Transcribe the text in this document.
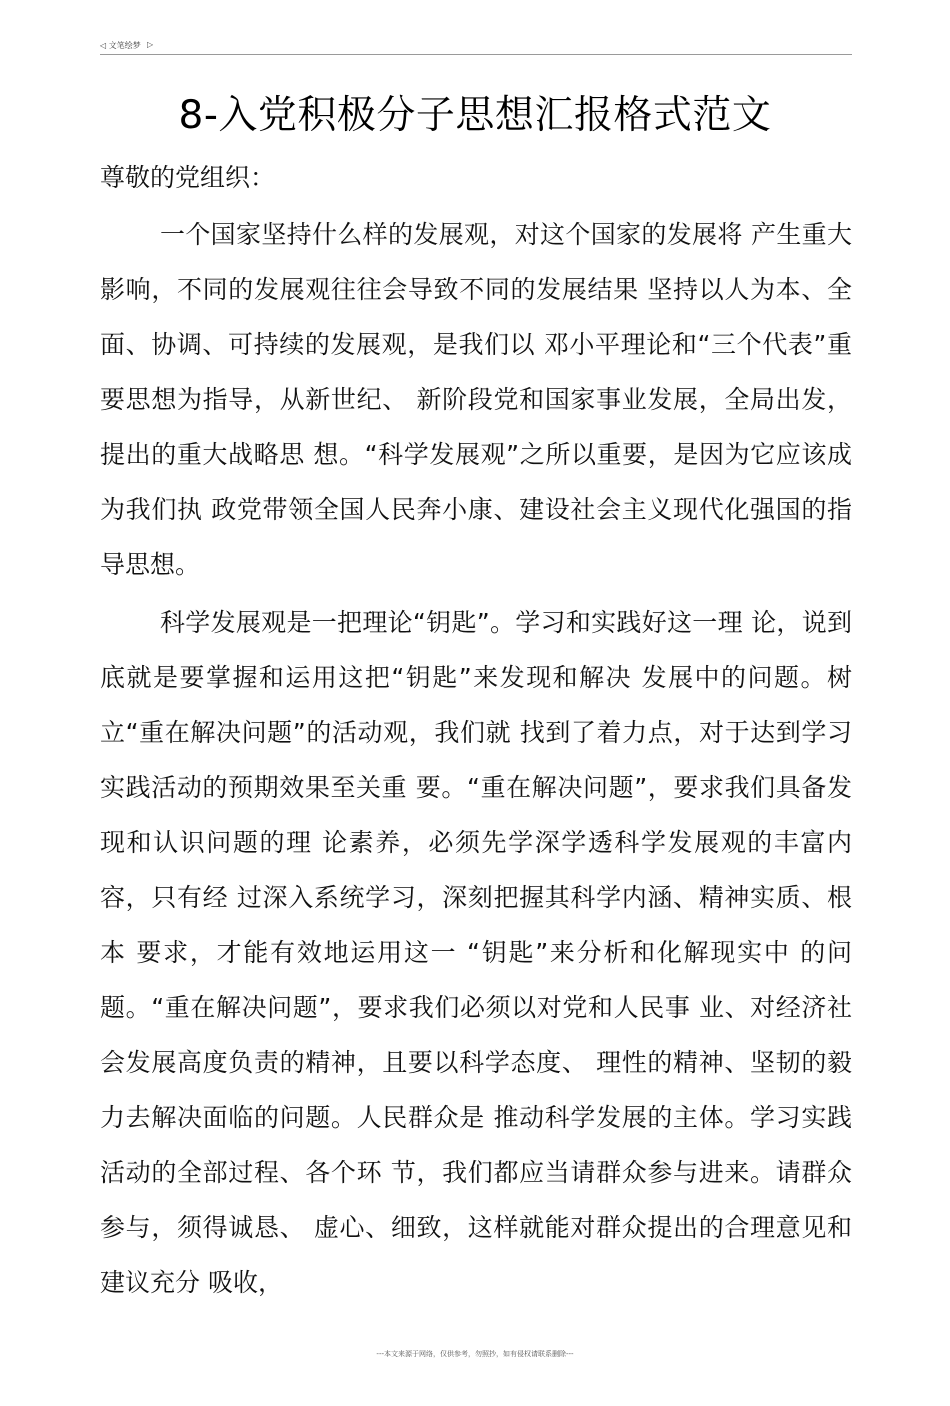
◁ 文笔绘梦 ▷
8-入党积极分子思想汇报格式范文

尊敬的党组织：

一个国家坚持什么样的发展观，对这个国家的发展将 产生重大影响，不同的发展观往往会导致不同的发展结果 坚持以人为本、全面、协调、可持续的发展观，是我们以 邓小平理论和“三个代表”重要思想为指导，从新世纪、 新阶段党和国家事业发展，全局出发，提出的重大战略思 想。“科学发展观”之所以重要，是因为它应该成为我们执 政党带领全国人民奔小康、建设社会主义现代化强国的指 导思想。

科学发展观是一把理论“钥匙”。学习和实践好这一理 论，说到底就是要掌握和运用这把“钥匙”来发现和解决 发展中的问题。树立“重在解决问题”的活动观，我们就 找到了着力点，对于达到学习实践活动的预期效果至关重 要。“重在解决问题”，要求我们具备发现和认识问题的理 论素养，必须先学深学透科学发展观的丰富内容，只有经 过深入系统学习，深刻把握其科学内涵、精神实质、根本 要求，才能有效地运用这一 “钥匙”来分析和化解现实中 的问题。“重在解决问题”，要求我们必须以对党和人民事 业、对经济社会发展高度负责的精神，且要以科学态度、 理性的精神、坚韧的毅力去解决面临的问题。人民群众是 推动科学发展的主体。学习实践活动的全部过程、各个环 节，我们都应当请群众参与进来。请群众参与，须得诚恳、 虚心、细致，这样就能对群众提出的合理意见和建议充分 吸收，

---本文来源于网络，仅供参考，勿照抄，如有侵权请联系删除---
